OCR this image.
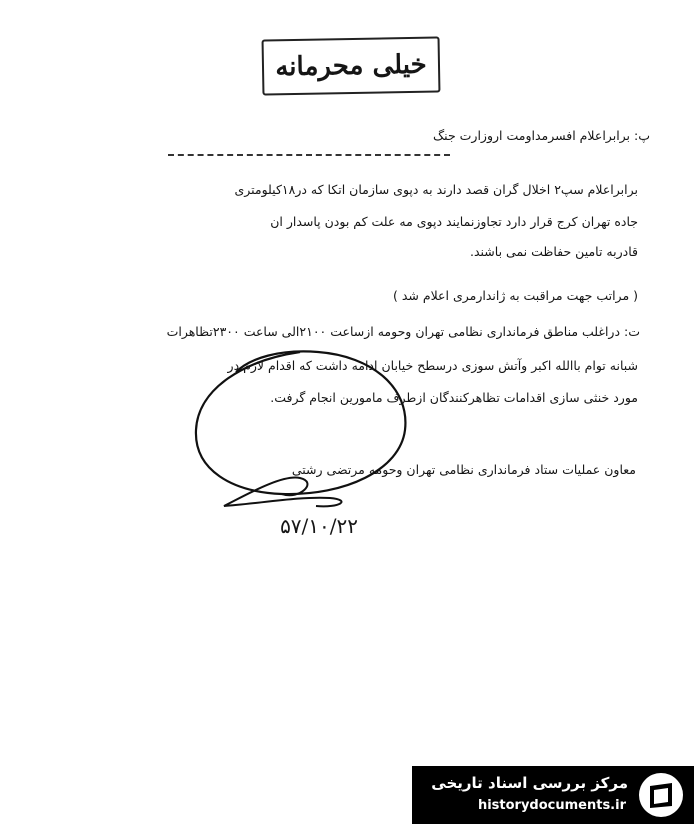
خیلی محرمانه
پ: برابراعلام افسرمداومت اروزارت جنگ
برابراعلام سپ۲ اخلال گران قصد دارند به دپوی سازمان اتکا که در۱۸کیلومتری
جاده تهران کرج قرار دارد تجاوزنمایند دپوی مه علت کم بودن پاسدار ان
قادربه تامین حفاظت نمی باشند.
( مراتب جهت مراقبت به ژاندارمری اعلام شد )
ت: دراغلب مناطق فرمانداری نظامی تهران وحومه ازساعت ۲۱۰۰الی ساعت ۲۳۰۰تظاهرات
شبانه توام باالله اکبر وآتش سوزی درسطح خیابان ادامه داشت که اقدام لازم در
مورد خنثی سازی اقدامات تظاهرکنندگان ازطرف مامورین انجام گرفت.
معاون عملیات ستاد فرمانداری نظامی تهران وحومه مرتضی رشتی
۵۷/۱۰/۲۲
مرکز بررسی اسناد تاریخی
historydocuments.ir
